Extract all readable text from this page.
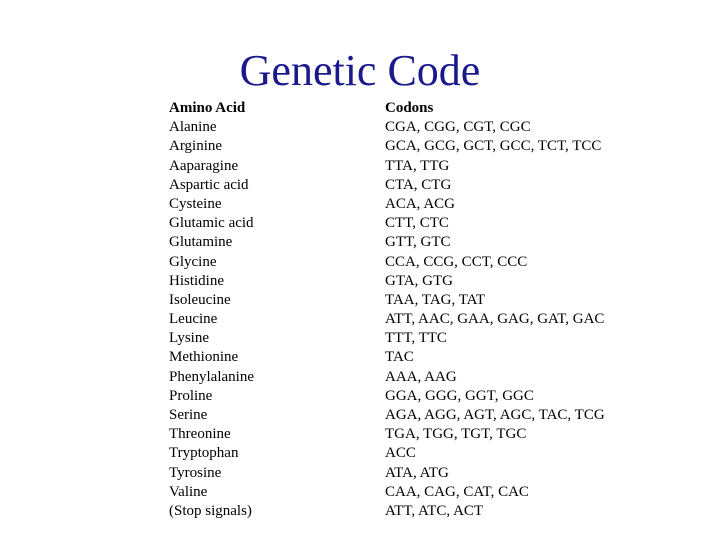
Genetic Code
Amino Acid
Alanine
Arginine
Aaparagine
Aspartic acid
Cysteine
Glutamic acid
Glutamine
Glycine
Histidine
Isoleucine
Leucine
Lysine
Methionine
Phenylalanine
Proline
Serine
Threonine
Tryptophan
Tyrosine
Valine
(Stop signals)
Codons
CGA, CGG, CGT, CGC
GCA, GCG, GCT, GCC, TCT, TCC
TTA, TTG
CTA, CTG
ACA, ACG
CTT, CTC
GTT, GTC
CCA, CCG, CCT, CCC
GTA, GTG
TAA, TAG, TAT
ATT, AAC, GAA, GAG, GAT, GAC
TTT, TTC
TAC
AAA, AAG
GGA, GGG, GGT, GGC
AGA, AGG, AGT, AGC, TAC, TCG
TGA, TGG, TGT, TGC
ACC
ATA, ATG
CAA, CAG, CAT, CAC
ATT, ATC, ACT
